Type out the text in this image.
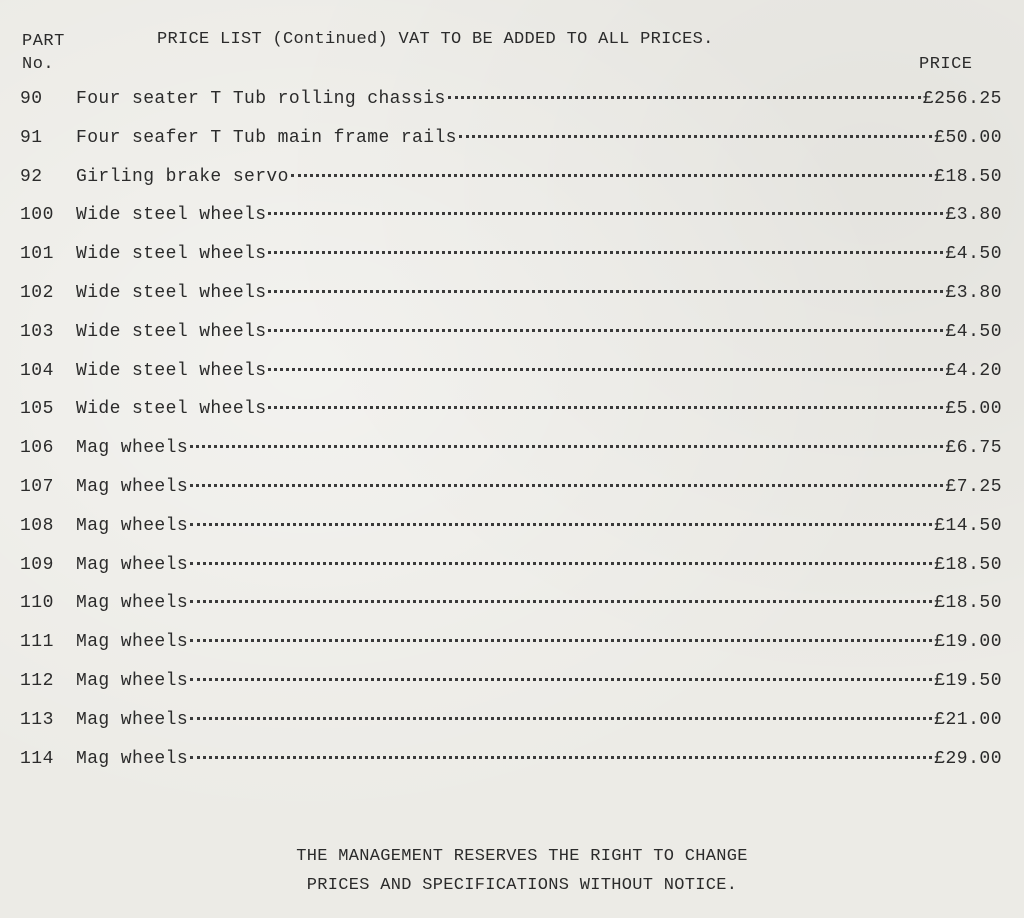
PART
No.
PRICE LIST (Continued) VAT TO BE ADDED TO ALL PRICES.
PRICE
90	Four seater T Tub rolling chassis	£256.25
91	Four seafer T Tub main frame rails	£50.00
92	Girling brake servo	£18.50
100	Wide steel wheels	£3.80
101	Wide steel wheels	£4.50
102	Wide steel wheels	£3.80
103	Wide steel wheels	£4.50
104	Wide steel wheels	£4.20
105	Wide steel wheels	£5.00
106	Mag wheels	£6.75
107	Mag wheels	£7.25
108	Mag wheels	£14.50
109	Mag wheels	£18.50
110	Mag wheels	£18.50
111	Mag wheels	£19.00
112	Mag wheels	£19.50
113	Mag wheels	£21.00
114	Mag wheels	£29.00
THE MANAGEMENT RESERVES THE RIGHT TO CHANGE
PRICES AND SPECIFICATIONS WITHOUT NOTICE.
